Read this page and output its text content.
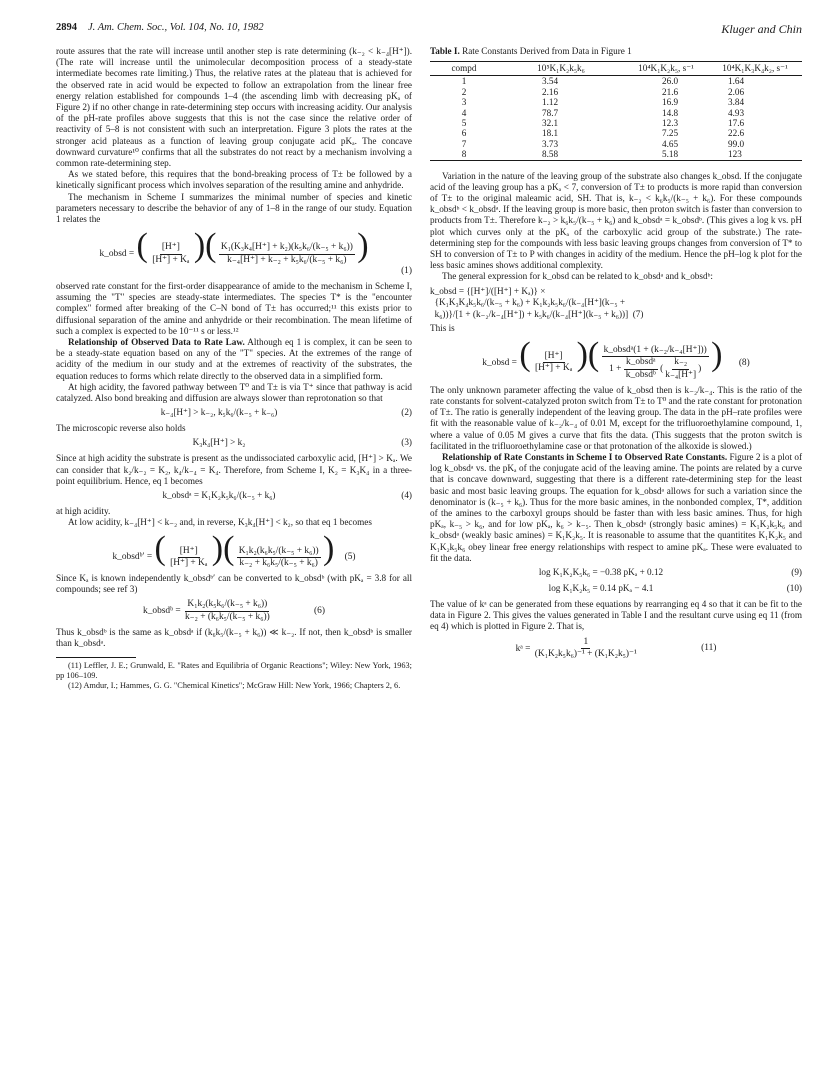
2894 J. Am. Chem. Soc., Vol. 104, No. 10, 1982	Kluger and Chin

route assures that the rate will increase until another step is rate determining (k₋₂ < k₋₄[H⁺]). (The rate will increase until the unimolecular decomposition process of a steady-state intermediate becomes rate limiting.) Thus, the relative rates at the plateau that is achieved for the observed rate in acid would be expected to follow an extrapolation from the linear free energy relation established for compounds 1–4 (the ascending limb with decreasing pKₐ of Figure 2) if no other change in rate-determining step occurs with increasing acidity. Our analysis of the pH-rate profiles above suggests that this is not the case since the relative order of reactivity of 5–8 is not consistent with such an interpretation. Figure 3 plots the rates at the stronger acid plateaus as a function of leaving group conjugate acid pKₐ. The concave downward curvature¹⁰ confirms that all the substrates do not react by a mechanism involving a common rate-determining step.

As we stated before, this requires that the bond-breaking process of T± be followed by a kinetically significant process which involves separation of the resulting amine and anhydride.

The mechanism in Scheme I summarizes the minimal number of species and kinetic parameters necessary to describe the behavior of any of 1–8 in the range of our study. Equation 1 relates the

k_obsd = ( $\frac{[H^+]}{\text{[H⁺] + Kₐ}}$ )( $\frac{\text{K₁(K₃k₄[H⁺] + k₂)(k₅k₆/(k₋₅ + k₆))}}{\text{k₋₄[H⁺] + k₋₂ + k₅k₆/(k₋₅ + k₆)}}$ )
(1)

observed rate constant for the first-order disappearance of amide to the mechanism in Scheme I, assuming the "T" species are steady-state intermediates. The species T* is the "encounter complex" formed after breaking of the C–N bond of T± has occurred;¹¹ this exists prior to diffusional separation of the amine and anhydride or their recombination. The mean lifetime of such a complex is expected to be 10⁻¹¹ s or less.¹²

Relationship of Observed Data to Rate Law. Although eq 1 is complex, it can be seen to be a steady-state equation based on any of the "T" species. At the extremes of the range of acidity of the medium in our study and at the extremes of reactivity of the substrates, the equation reduces to forms which relate directly to the observed data in a simplified form.

At high acidity, the favored pathway between T⁰ and T± is via T⁺ since that pathway is acid catalyzed. Also bond breaking and diffusion are always slower than reprotonation so that

k₋₄[H⁺] > k₋₂, k₅k₆/(k₋₅ + k₋₆)	(2)

The microscopic reverse also holds

K₃k₄[H⁺] > k₂	(3)

Since at high acidity the substrate is present as the undissociated carboxylic acid, [H⁺] > Kₐ. We can consider that k₂/k₋₂ = K₂, k₄/k₋₄ = K₄. Therefore, from Scheme I, K₂ = K₃K₄ in a three-point equilibrium. Hence, eq 1 becomes

k_obsdᵃ = K₁K₂k₅k₆/(k₋₅ + k₆)	(4)

at high acidity.

At low acidity, k₋₄[H⁺] < k₋₂ and, in reverse, K₃k₄[H⁺] < k₂, so that eq 1 becomes

k_obsdᵇ′ = ( $\frac{[H^+]}{\text{[H⁺] + Kₐ}}$ )( $\frac{\text{K₁k₂(k₆k₅/(k₋₅ + k₆))}}{\text{k₋₂ + k₆k₅/(k₋₅ + k₆)}}$ ) (5)

Since Kₐ is known independently k_obsdᵇ′ can be converted to k_obsdᵇ (with pKₐ = 3.8 for all compounds; see ref 3)

k_obsdᵇ = $\frac{\text{K₁k₂(k₅k₆/(k₋₅ + k₆))}}{\text{k₋₂ + (k₆k₅/(k₋₅ + k₆))}}$	(6)

Thus k_obsdᵇ is the same as k_obsdᵃ if (k₆k₅/(k₋₅ + k₆)) ≪ k₋₂. If not, then k_obsdᵇ is smaller than k_obsdᵃ.

(11) Leffler, J. E.; Grunwald, E. "Rates and Equilibria of Organic Reactions"; Wiley: New York, 1963; pp 106–109.

(12) Amdur, I.; Hammes, G. G. "Chemical Kinetics"; McGraw Hill: New York, 1966; Chapters 2, 6.

Table I. Rate Constants Derived from Data in Figure 1
compd	10⁵K₁K₂k₅k₆	10⁴K₁K₂k₅, s⁻¹	10⁴K₁K₃K₄k₂, s⁻¹
1	3.54	26.0	1.64
2	2.16	21.6	2.06
3	1.12	16.9	3.84
4	78.7	14.8	4.93
5	32.1	12.3	17.6
6	18.1	7.25	22.6
7	3.73	4.65	99.0
8	8.58	5.18	123

Variation in the nature of the leaving group of the substrate also changes k_obsd. If the conjugate acid of the leaving group has a pKₐ < 7, conversion of T± to products is more rapid than conversion of T± to the original maleamic acid, SH. That is, k₋₂ < k₆k₅/(k₋₅ + k₆). For these compounds k_obsdᵇ < k_obsdᵃ. If the leaving group is more basic, then proton switch is faster than conversion to products from T±. Therefore k₋₂ > k₆k₅/(k₋₅ + k₆) and k_obsdᵃ = k_obsdᵇ. (This gives a log k vs. pH plot which curves only at the pKₐ of the carboxylic acid group of the substrate.) The rate-determining step for the compounds with less basic leaving groups changes from conversion of T* to SH to conversion of T± to P with changes in acidity of the medium. Hence the pH–log k plot for the less basic amines shows additional complexity.

The general expression for k_obsd can be related to k_obsdᵃ and k_obsdᵇ:

k_obsd = {[H⁺]/([H⁺] + Kₐ)} ×
{K₁K₃K₄k₅k₆/(k₋₅ + k₆) + K₁k₂k₅k₆/(k₋₄[H⁺](k₋₅ +
k₆))}/[1 + (k₋₂/k₋₄[H⁺]) + k₅k₆/(k₋₄[H⁺](k₋₅ + k₆))]  (7)

This is

k_obsd = ( $\frac{[H^+]}{\text{[H⁺] + Kₐ}}$ )( $\frac{\text{k\_obsdᵃ(1 + (k₋₂/k₋₄[H⁺]))}}{1 + \frac{\text{k\_obsdᵃ}}{\text{k\_obsdᵇ}} ( \frac{\text{k₋₂}}{\text{k₋₄[H⁺]}} )}$ ) (8)

The only unknown parameter affecting the value of k_obsd then is k₋₂/k₋₄. This is the ratio of the rate constants for solvent-catalyzed proton switch from T± to T⁰ and the rate constant for protonation of T±. The ratio is generally independent of the leaving group. The data in the pH–rate profiles were fit with the reasonable value of k₋₂/k₋₄ of 0.01 M, except for the trifluoroethylamine compound, 1, where a value of 0.05 M gives a curve that fits the data. (This suggests that the proton switch is facilitated in the trifluoroethylamine case or that protonation of the alkoxide is slowed.)

Relationship of Rate Constants in Scheme I to Observed Rate Constants. Figure 2 is a plot of log k_obsdᵃ vs. the pKₐ of the conjugate acid of the leaving amine. The points are related by a curve that is concave downward, suggesting that there is a different rate-determining step for the least basic and most basic leaving groups. The equation for k_obsdᵃ allows for such a variation since the denominator is (k₋₅ + k₆). Thus for the more basic amines, in the nonbonded complex, T*, addition of the amines to the carboxyl groups should be faster than with less basic amines. Thus, for high pKₐ, k₋₅ > k₆, and for low pKₐ, k₆ > k₋₅. Then k_obsdᵃ (strongly basic amines) = K₁K₂k₅k₆ and k_obsdᵃ (weakly basic amines) = K₁K₂k₅. It is reasonable to assume that the quantitites K₁K₂k₅ and K₁K₂k₅k₆ obey linear free energy relationships with respect to amine pKₐ. These were evaluated to fit the data.

log K₁K₂K₅k₆ = −0.38 pKₐ + 0.12	(9)
log K₁K₂k₅ = 0.14 pKₐ − 4.1	(10)

The value of kᵃ can be generated from these equations by rearranging eq 4 so that it can be fit to the data in Figure 2. This gives the values generated in Table I and the resultant curve using eq 11 (from eq 4) which is plotted in Figure 2. That is,

kᵃ = $\frac{1}{\text{(K₁K₂k₅k₆)⁻¹ + (K₁K₂k₅)⁻¹}}$	(11)
